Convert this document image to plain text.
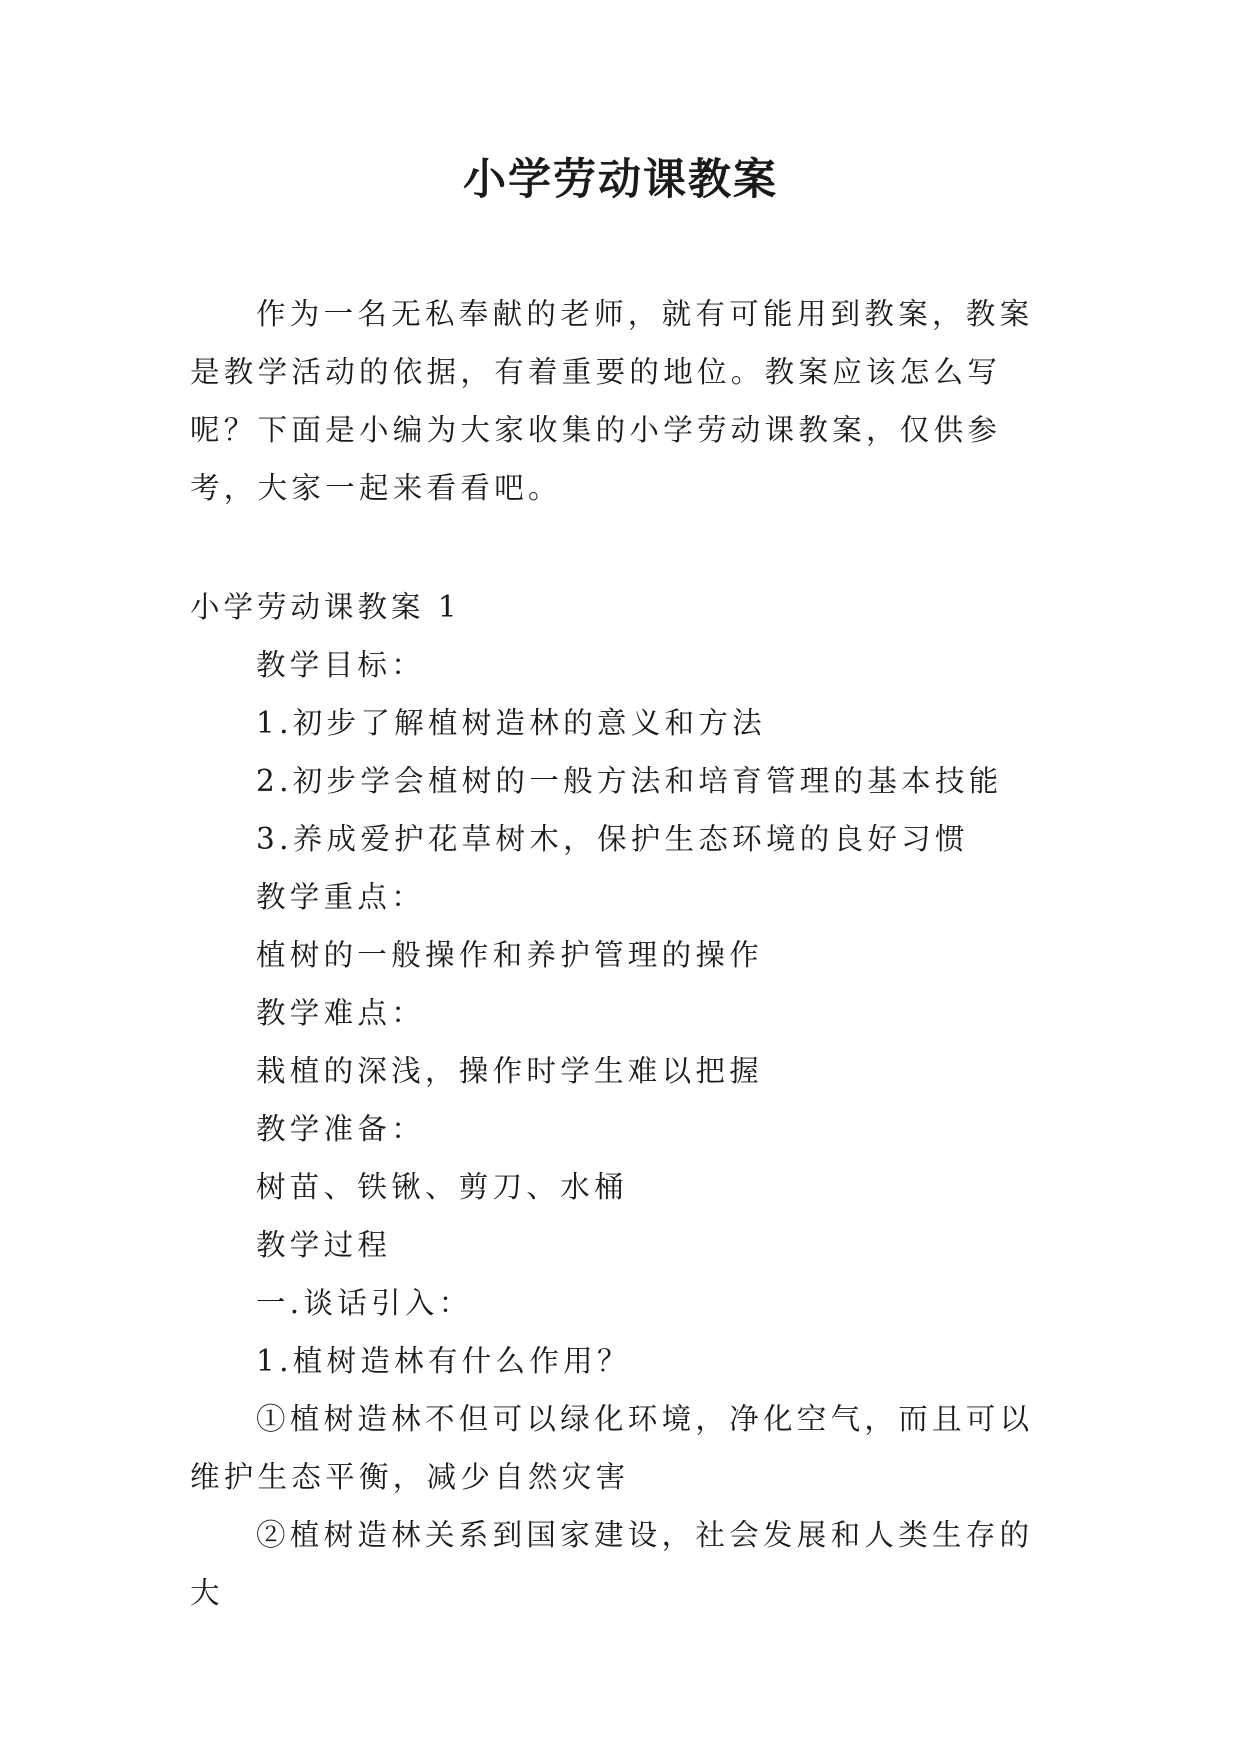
小学劳动课教案

作为一名无私奉献的老师，就有可能用到教案，教案是教学活动的依据，有着重要的地位。教案应该怎么写呢？下面是小编为大家收集的小学劳动课教案，仅供参考，大家一起来看看吧。

小学劳动课教案 1

教学目标：

1.初步了解植树造林的意义和方法

2.初步学会植树的一般方法和培育管理的基本技能

3.养成爱护花草树木，保护生态环境的良好习惯

教学重点：

植树的一般操作和养护管理的操作

教学难点：

栽植的深浅，操作时学生难以把握

教学准备：

树苗、铁锹、剪刀、水桶

教学过程

一.谈话引入：

1.植树造林有什么作用？

①植树造林不但可以绿化环境，净化空气，而且可以维护生态平衡，减少自然灾害

②植树造林关系到国家建设，社会发展和人类生存的大
